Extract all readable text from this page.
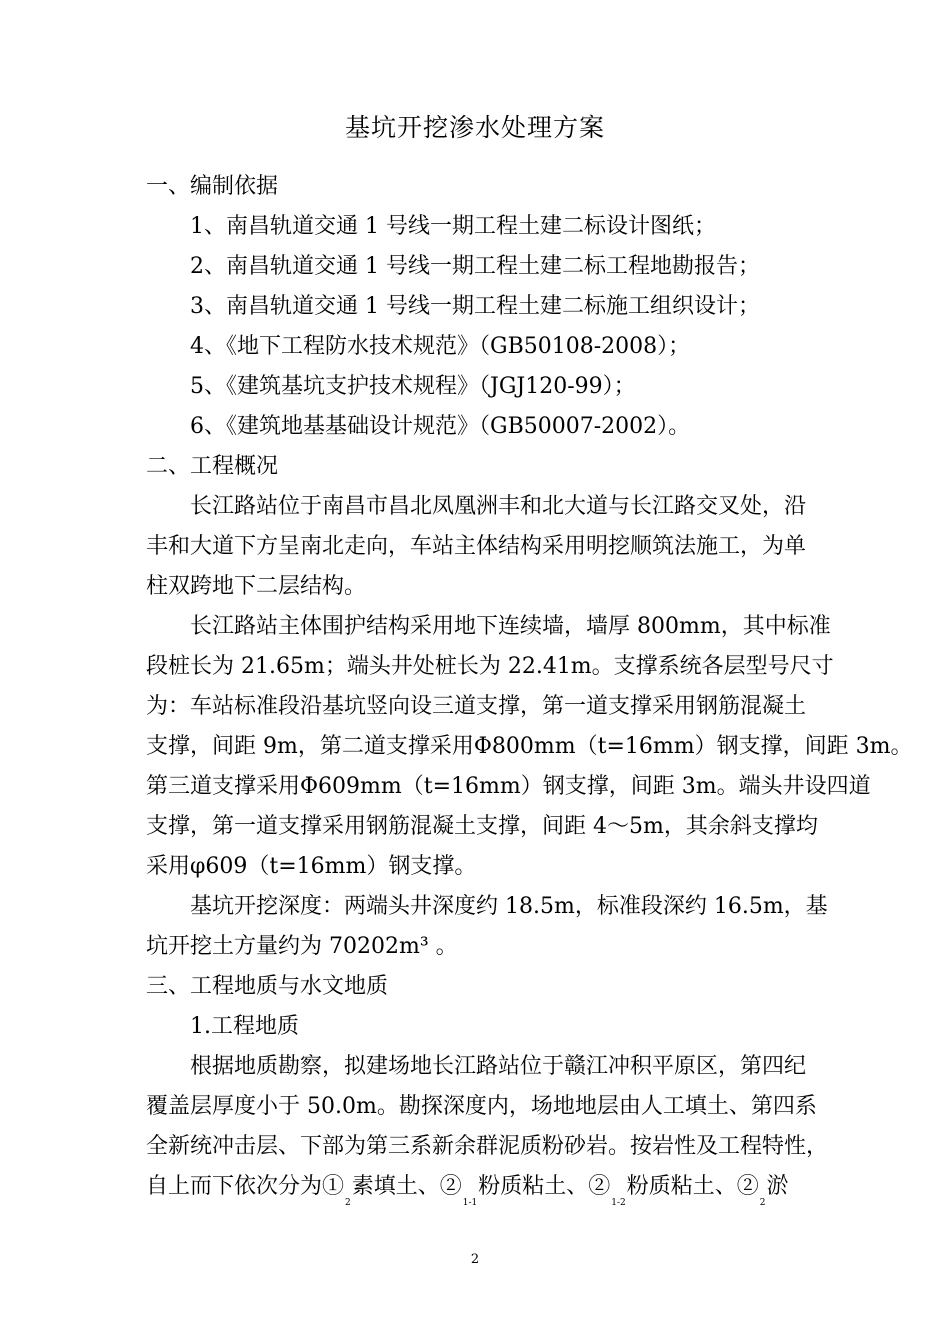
基坑开挖渗水处理方案
一、编制依据
1、南昌轨道交通 1 号线一期工程土建二标设计图纸；
2、南昌轨道交通 1 号线一期工程土建二标工程地勘报告；
3、南昌轨道交通 1 号线一期工程土建二标施工组织设计；
4、《地下工程防水技术规范》（GB50108-2008）；
5、《建筑基坑支护技术规程》（JGJ120-99）；
6、《建筑地基基础设计规范》（GB50007-2002）。
二、工程概况
长江路站位于南昌市昌北凤凰洲丰和北大道与长江路交叉处，沿
丰和大道下方呈南北走向，车站主体结构采用明挖顺筑法施工，为单
柱双跨地下二层结构。
长江路站主体围护结构采用地下连续墙，墙厚 800mm，其中标准
段桩长为 21.65m；端头井处桩长为 22.41m。支撑系统各层型号尺寸
为：车站标准段沿基坑竖向设三道支撑，第一道支撑采用钢筋混凝土
支撑，间距 9m，第二道支撑采用Φ800mm（t=16mm）钢支撑，间距 3m。
第三道支撑采用Φ609mm（t=16mm）钢支撑，间距 3m。端头井设四道
支撑，第一道支撑采用钢筋混凝土支撑，间距 4～5m，其余斜支撑均
采用φ609（t=16mm）钢支撑。
基坑开挖深度：两端头井深度约 18.5m，标准段深约 16.5m，基
坑开挖土方量约为 70202m³ 。
三、工程地质与水文地质
1.工程地质
根据地质勘察，拟建场地长江路站位于赣江冲积平原区，第四纪
覆盖层厚度小于 50.0m。勘探深度内，场地地层由人工填土、第四系
全新统冲击层、下部为第三系新余群泥质粉砂岩。按岩性及工程特性，
自上而下依次分为$①_2$素填土、$②_{1-1}$粉质粘土、$②_{1-2}$粉质粘土、$②_2$淤
2
